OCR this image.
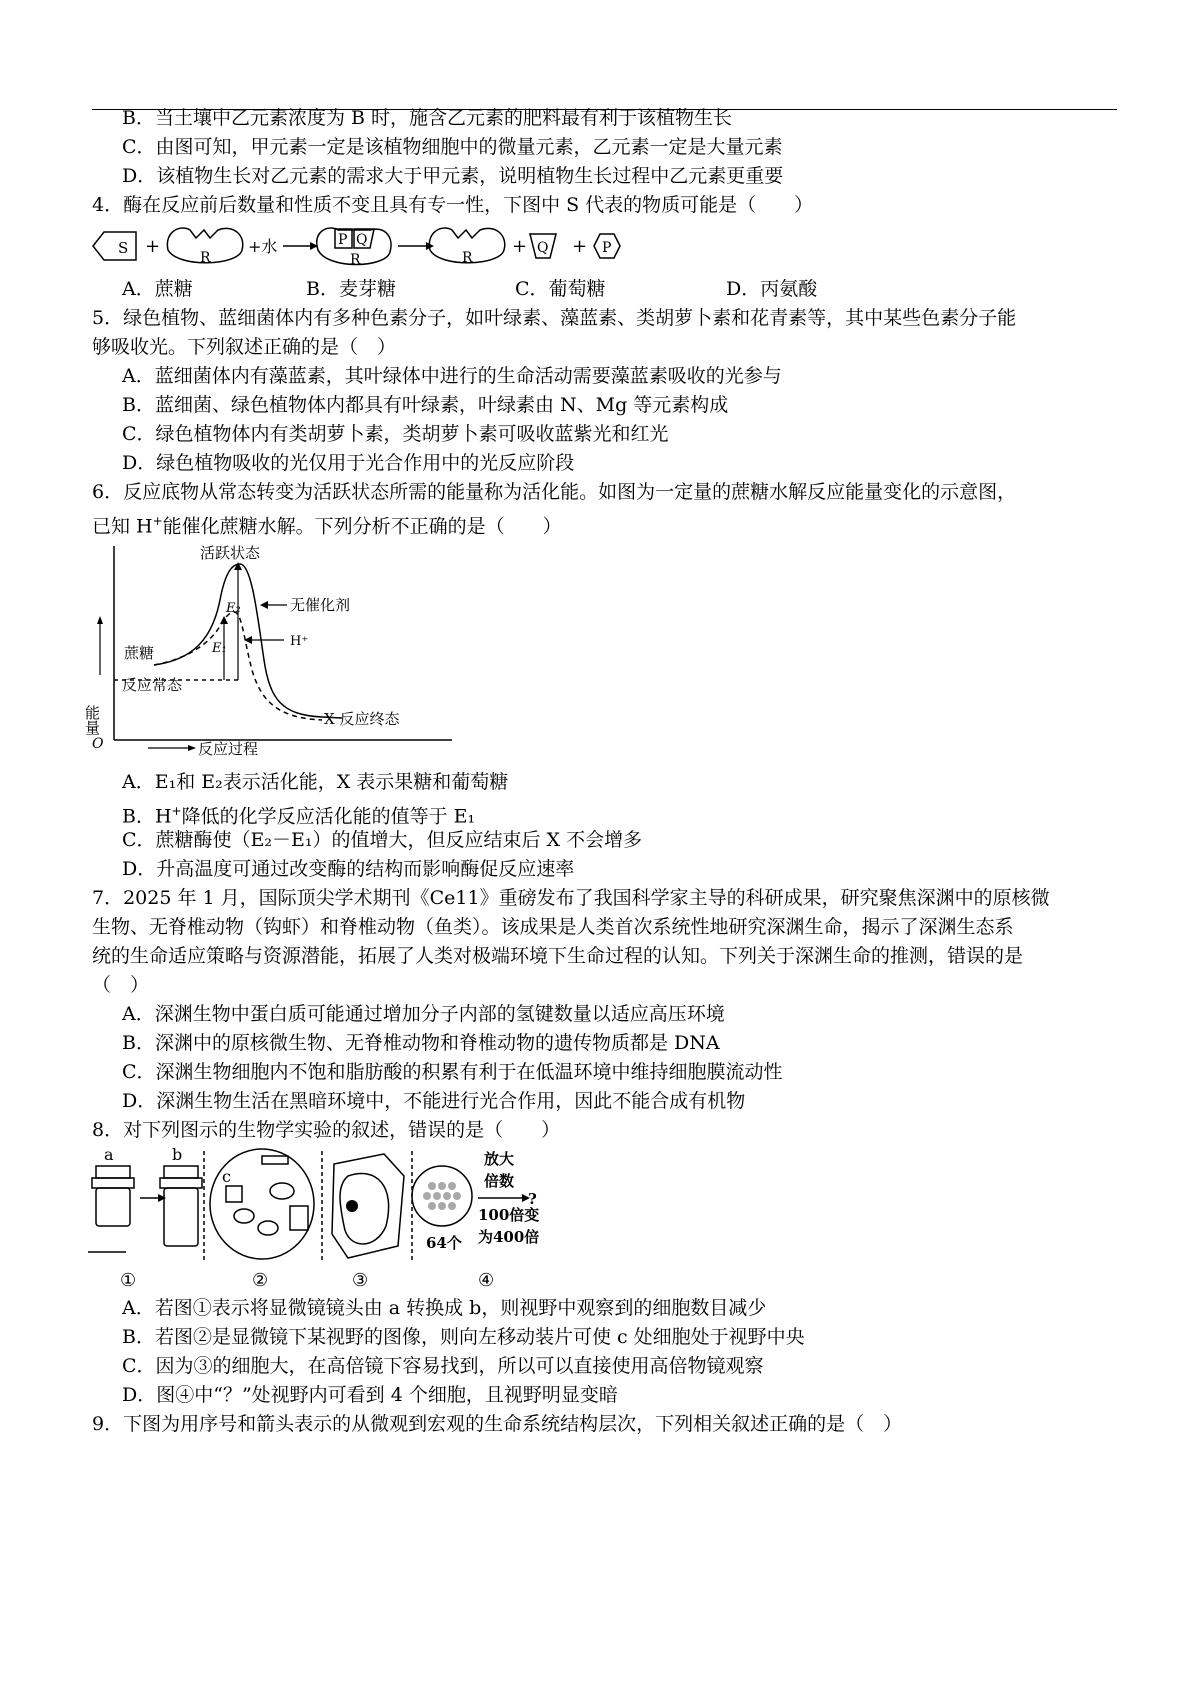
B．当土壤中乙元素浓度为 B 时，施含乙元素的肥料最有利于该植物生长
C．由图可知，甲元素一定是该植物细胞中的微量元素，乙元素一定是大量元素
D．该植物生长对乙元素的需求大于甲元素，说明植物生长过程中乙元素更重要
4．酶在反应前后数量和性质不变且具有专一性，下图中 S 代表的物质可能是（　　）
S +
R
+水	P Q
R	R
+ Q + P
A．蔗糖	B．麦芽糖	C．葡萄糖	D．丙氨酸
5．绿色植物、蓝细菌体内有多种色素分子，如叶绿素、藻蓝素、类胡萝卜素和花青素等，其中某些色素分子能
够吸收光。下列叙述正确的是（　）
A．蓝细菌体内有藻蓝素，其叶绿体中进行的生命活动需要藻蓝素吸收的光参与
B．蓝细菌、绿色植物体内都具有叶绿素，叶绿素由 N、Mg 等元素构成
C．绿色植物体内有类胡萝卜素，类胡萝卜素可吸收蓝紫光和红光
D．绿色植物吸收的光仅用于光合作用中的光反应阶段
6．反应底物从常态转变为活跃状态所需的能量称为活化能。如图为一定量的蔗糖水解反应能量变化的示意图，
已知 H+能催化蔗糖水解。下列分析不正确的是（　　）
活跃状态
无催化剂
H⁺
E₂
E₁
蔗糖
反应常态
能量
O	反应过程
X 反应终态
A．E₁和 E₂表示活化能，X 表示果糖和葡萄糖
B．H+降低的化学反应活化能的值等于 E₁
C．蔗糖酶使（E₂－E₁）的值增大，但反应结束后 X 不会增多
D．升高温度可通过改变酶的结构而影响酶促反应速率
7．2025 年 1 月，国际顶尖学术期刊《Ce11》重磅发布了我国科学家主导的科研成果，研究聚焦深渊中的原核微
生物、无脊椎动物（钩虾）和脊椎动物（鱼类）。该成果是人类首次系统性地研究深渊生命，揭示了深渊生态系
统的生命适应策略与资源潜能，拓展了人类对极端环境下生命过程的认知。下列关于深渊生命的推测，错误的是
（　）
A．深渊生物中蛋白质可能通过增加分子内部的氢键数量以适应高压环境
B．深渊中的原核微生物、无脊椎动物和脊椎动物的遗传物质都是 DNA
C．深渊生物细胞内不饱和脂肪酸的积累有利于在低温环境中维持细胞膜流动性
D．深渊生物生活在黑暗环境中，不能进行光合作用，因此不能合成有机物
8．对下列图示的生物学实验的叙述，错误的是（　　）
a	b
c
①	②	③	④
放大
倍数
?
100倍变
为400倍
64个
A．若图①表示将显微镜镜头由 a 转换成 b，则视野中观察到的细胞数目减少
B．若图②是显微镜下某视野的图像，则向左移动装片可使 c 处细胞处于视野中央
C．因为③的细胞大，在高倍镜下容易找到，所以可以直接使用高倍物镜观察
D．图④中“？”处视野内可看到 4 个细胞，且视野明显变暗
9．下图为用序号和箭头表示的从微观到宏观的生命系统结构层次，下列相关叙述正确的是（　）
